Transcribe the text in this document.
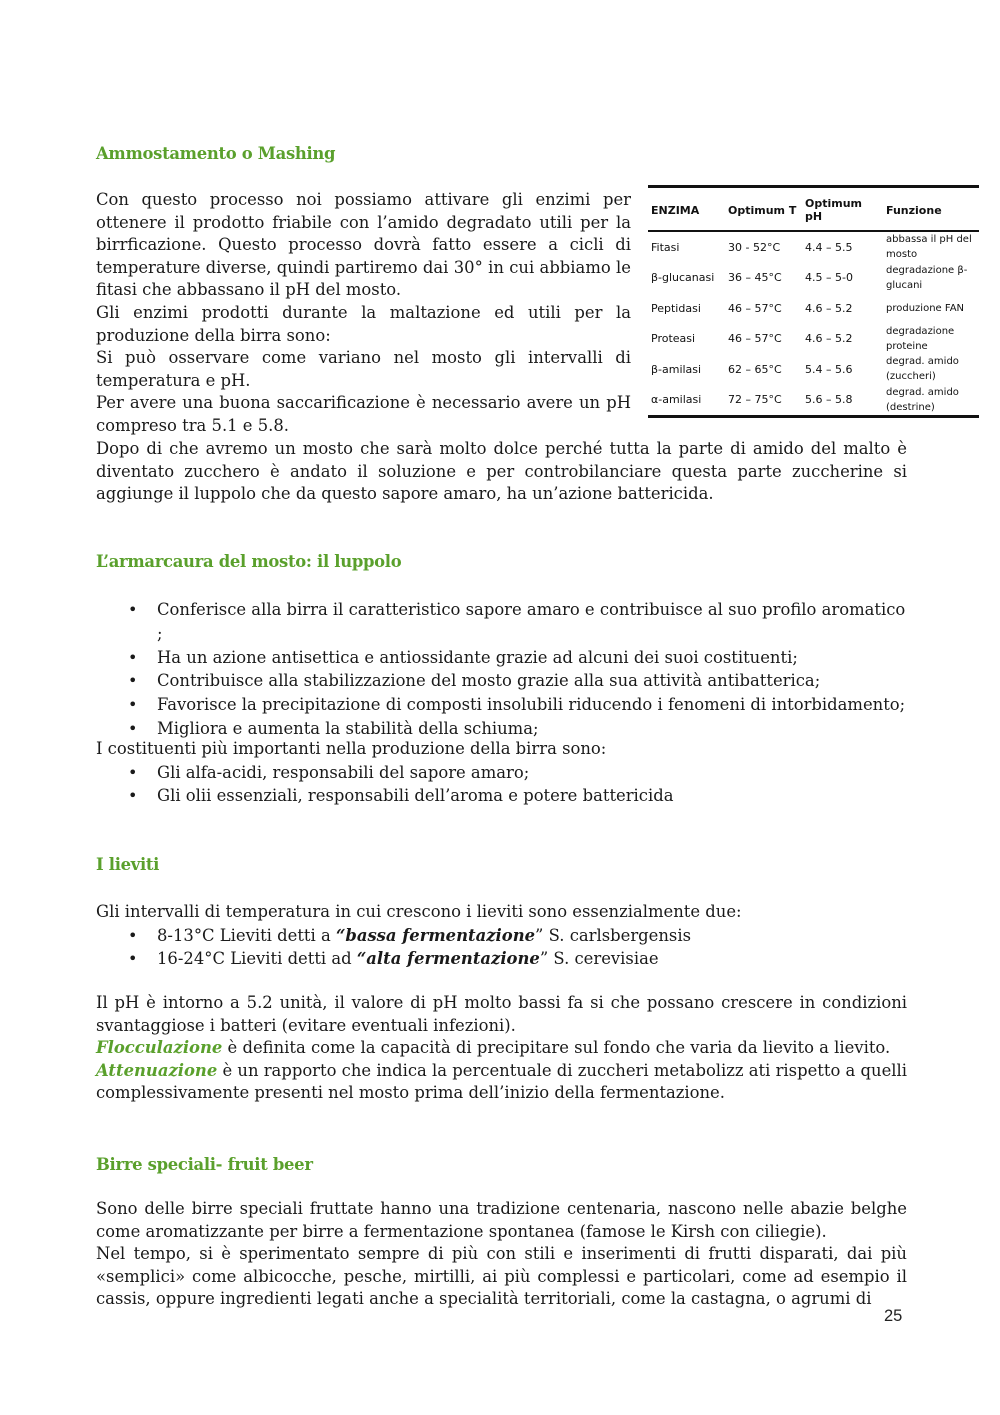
Ammostamento o Mashing

Con questo processo noi possiamo attivare gli enzimi per ottenere il prodotto friabile con l’amido degradato utili per la birrficazione. Questo processo dovrà fatto essere a cicli di temperature diverse, quindi partiremo dai 30° in cui abbiamo le fitasi che abbassano il pH del mosto.

Gli enzimi prodotti durante la maltazione ed utili per la produzione della birra sono:

Si può osservare come variano nel mosto gli intervalli di temperatura e pH.

Per avere una buona saccarificazione è necessario avere un pH compreso tra 5.1 e 5.8.

ENZIMA	Optimum T	Optimum pH	Funzione
Fitasi	30 - 52°C	4.4 – 5.5	abbassa il pH del mosto
β-glucanasi	36 – 45°C	4.5 – 5-0	degradazione β-glucani
Peptidasi	46 – 57°C	4.6 – 5.2	produzione FAN
Proteasi	46 – 57°C	4.6 – 5.2	degradazione proteine
β-amilasi	62 – 65°C	5.4 – 5.6	degrad. amido (zuccheri)
α-amilasi	72 – 75°C	5.6 – 5.8	degrad. amido (destrine)

Dopo di che avremo un mosto che sarà molto dolce perché tutta la parte di amido del malto è diventato zucchero è andato il soluzione e per controbilanciare questa parte zuccherine si aggiunge il luppolo che da questo sapore amaro, ha un’azione battericida.

L’armarcaura del mosto: il luppolo
• Conferisce alla birra il caratteristico sapore amaro e contribuisce al suo profilo aromatico ;
• Ha un azione antisettica e antiossidante grazie ad alcuni dei suoi costituenti;
• Contribuisce alla stabilizzazione del mosto grazie alla sua attività antibatterica;
• Favorisce la precipitazione di composti insolubili riducendo i fenomeni di intorbidamento;
• Migliora e aumenta la stabilità della schiuma;

I costituenti più importanti nella produzione della birra sono:

• Gli alfa-acidi, responsabili del sapore amaro;
• Gli olii essenziali, responsabili dell’aroma e potere battericida
I lieviti

Gli intervalli di temperatura in cui crescono i lieviti sono essenzialmente due:

• 8-13°C Lieviti detti a “bassa fermentazione” S. carlsbergensis
• 16-24°C Lieviti detti ad “alta fermentazione” S. cerevisiae

Il pH è intorno a 5.2 unità, il valore di pH molto bassi fa si che possano crescere in condizioni svantaggiose i batteri (evitare eventuali infezioni).

Flocculazione è definita come la capacità di precipitare sul fondo che varia da lievito a lievito.

Attenuazione è un rapporto che indica la percentuale di zuccheri metabolizz ati rispetto a quelli complessivamente presenti nel mosto prima dell’inizio della fermentazione.

Birre speciali- fruit beer

Sono delle birre speciali fruttate hanno una tradizione centenaria, nascono nelle abazie belghe come aromatizzante per birre a fermentazione spontanea (famose le Kirsh con ciliegie).

Nel tempo, si è sperimentato sempre di più con stili e inserimenti di frutti disparati, dai più «semplici» come albicocche, pesche, mirtilli, ai più complessi e particolari, come ad esempio il cassis, oppure ingredienti legati anche a specialità territoriali, come la castagna, o agrumi di

25
